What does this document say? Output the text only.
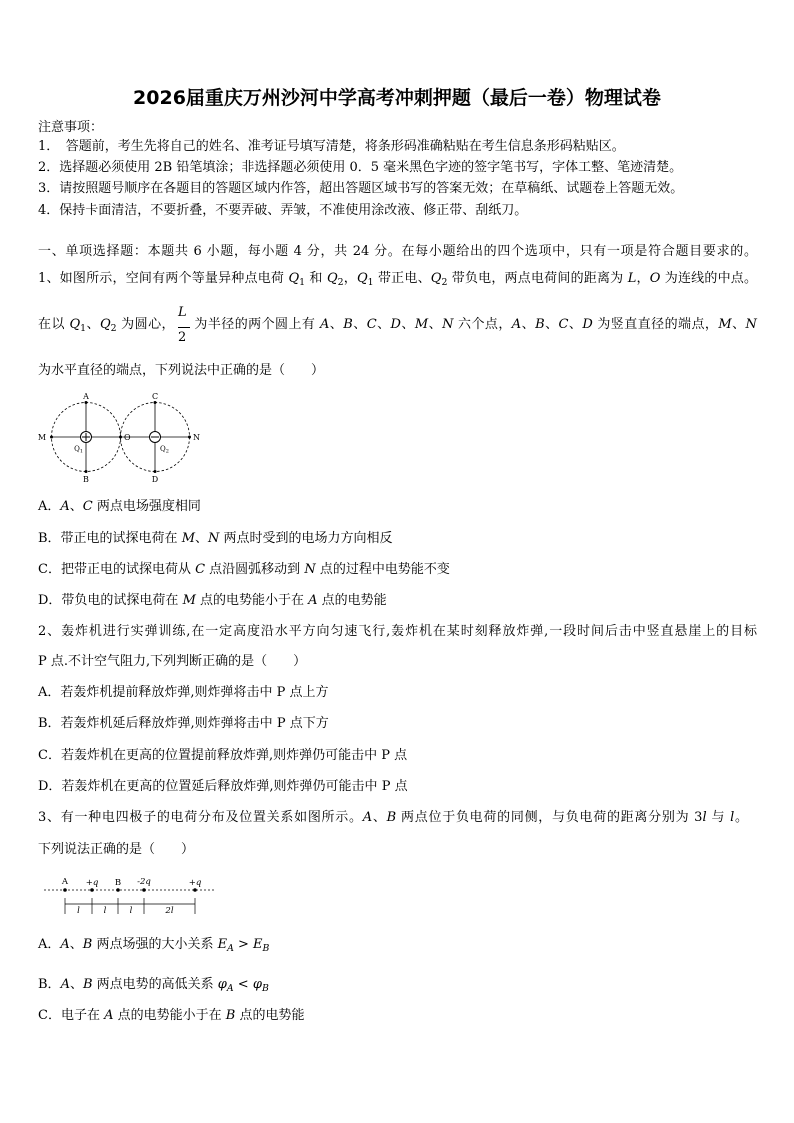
2026届重庆万州沙河中学高考冲刺押题（最后一卷）物理试卷
注意事项：
1．　答题前，考生先将自己的姓名、准考证号填写清楚，将条形码准确粘贴在考生信息条形码粘贴区。
2．选择题必须使用 2B 铅笔填涂；非选择题必须使用 0．5 毫米黑色字迹的签字笔书写，字体工整、笔迹清楚。
3．请按照题号顺序在各题目的答题区域内作答，超出答题区域书写的答案无效；在草稿纸、试题卷上答题无效。
4．保持卡面清洁，不要折叠，不要弄破、弄皱，不准使用涂改液、修正带、刮纸刀。
一、单项选择题：本题共 6 小题，每小题 4 分，共 24 分。在每小题给出的四个选项中，只有一项是符合题目要求的。
1、如图所示，空间有两个等量异种点电荷 $Q_1$ 和 $Q_2$，$Q_1$ 带正电、$Q_2$ 带负电，两点电荷间的距离为 L，O 为连线的中点。
在以 $Q_1$、$Q_2$ 为圆心， $\frac{L}{2}$ 为半径的两个圆上有 A、B、C、D、M、N 六个点，A、B、C、D 为竖直直径的端点，M、N
为水平直径的端点，下列说法中正确的是（　　）
A
B
C
D
M	O	N
$Q_1$	$Q_2$
A．A、C 两点电场强度相同
B．带正电的试探电荷在 M、N 两点时受到的电场力方向相反
C．把带正电的试探电荷从 C 点沿圆弧移动到 N 点的过程中电势能不变
D．带负电的试探电荷在 M 点的电势能小于在 A 点的电势能
2、轰炸机进行实弹训练,在一定高度沿水平方向匀速飞行,轰炸机在某时刻释放炸弹,一段时间后击中竖直悬崖上的目标
P 点.不计空气阻力,下列判断正确的是（　　）
A．若轰炸机提前释放炸弹,则炸弹将击中 P 点上方
B．若轰炸机延后释放炸弹,则炸弹将击中 P 点下方
C．若轰炸机在更高的位置提前释放炸弹,则炸弹仍可能击中 P 点
D．若轰炸机在更高的位置延后释放炸弹,则炸弹仍可能击中 P 点
3、有一种电四极子的电荷分布及位置关系如图所示。A、B 两点位于负电荷的同侧，与负电荷的距离分别为 3l 与 l。
下列说法正确的是（　　）
A +q B -2q	+q
l	l	l	2l
A．A、B 两点场强的大小关系 $E_A > E_B$
B．A、B 两点电势的高低关系 $\varphi_A < \varphi_B$
C．电子在 A 点的电势能小于在 B 点的电势能
